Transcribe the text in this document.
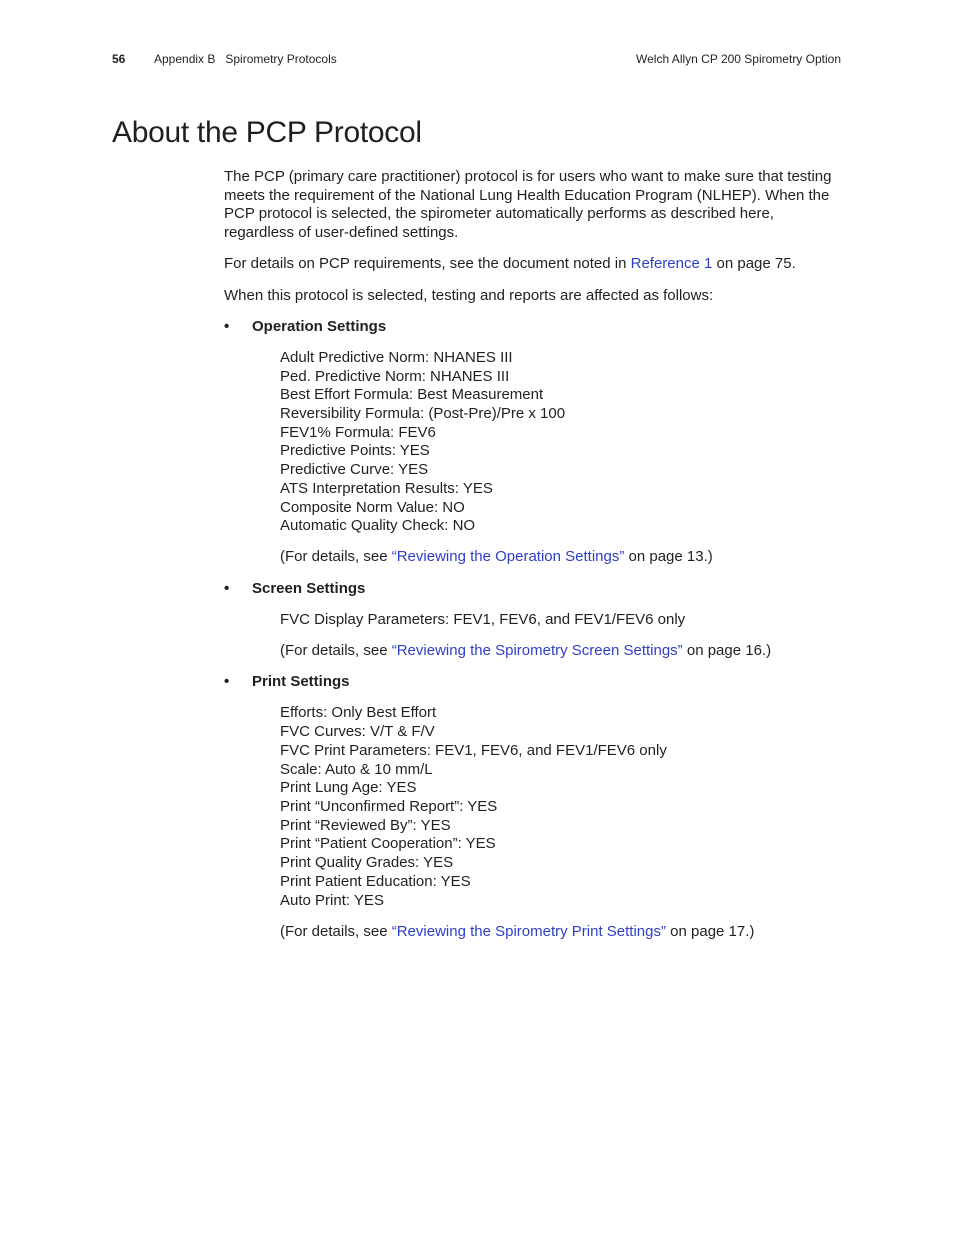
56 Appendix B   Spirometry Protocols	Welch Allyn CP 200 Spirometry Option
About the PCP Protocol

The PCP (primary care practitioner) protocol is for users who want to make sure that testing meets the requirement of the National Lung Health Education Program (NLHEP). When the PCP protocol is selected, the spirometer automatically performs as described here, regardless of user-defined settings.

For details on PCP requirements, see the document noted in Reference 1 on page 75.

When this protocol is selected, testing and reports are affected as follows:

• Operation Settings
Adult Predictive Norm: NHANES III
Ped. Predictive Norm: NHANES III
Best Effort Formula: Best Measurement
Reversibility Formula: (Post-Pre)/Pre x 100
FEV1% Formula: FEV6
Predictive Points: YES
Predictive Curve: YES
ATS Interpretation Results: YES
Composite Norm Value: NO
Automatic Quality Check: NO

(For details, see “Reviewing the Operation Settings” on page 13.)

• Screen Settings
FVC Display Parameters: FEV1, FEV6, and FEV1/FEV6 only

(For details, see “Reviewing the Spirometry Screen Settings” on page 16.)

• Print Settings
Efforts: Only Best Effort
FVC Curves: V/T & F/V
FVC Print Parameters: FEV1, FEV6, and FEV1/FEV6 only
Scale: Auto & 10 mm/L
Print Lung Age: YES
Print “Unconfirmed Report”: YES
Print “Reviewed By”: YES
Print “Patient Cooperation”: YES
Print Quality Grades: YES
Print Patient Education: YES
Auto Print: YES

(For details, see “Reviewing the Spirometry Print Settings” on page 17.)
